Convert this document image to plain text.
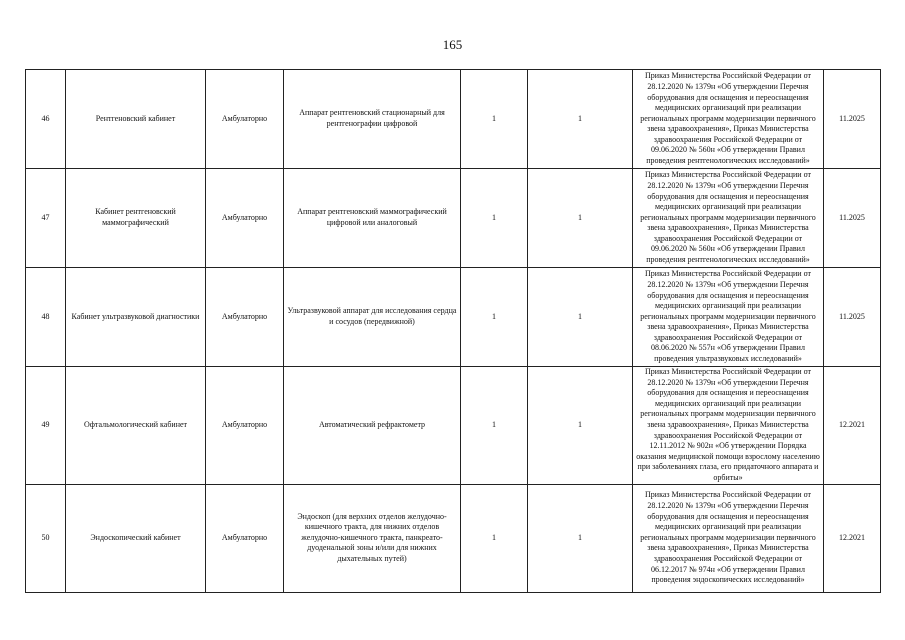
165
46	Рентгеновский кабинет	Амбулаторно	Аппарат рентгеновский стационарный для рентгенографии цифровой	1	1	Приказ Министерства Российской Федерации от 28.12.2020 № 1379н «Об утверждении Перечня оборудования для оснащения и переоснащения медицинских организаций при реализации региональных программ модернизации первичного звена здравоохранения», Приказ Министерства здравоохранения Российской Федерации от 09.06.2020 № 560н «Об утверждении Правил проведения рентгенологических исследований»	11.2025
47	Кабинет рентгеновский маммографический	Амбулаторно	Аппарат рентгеновский маммографический цифровой или аналоговый	1	1	Приказ Министерства Российской Федерации от 28.12.2020 № 1379н «Об утверждении Перечня оборудования для оснащения и переоснащения медицинских организаций при реализации региональных программ модернизации первичного звена здравоохранения», Приказ Министерства здравоохранения Российской Федерации от 09.06.2020 № 560н «Об утверждении Правил проведения рентгенологических исследований»	11.2025
48	Кабинет ультразвуковой диагностики	Амбулаторно	Ультразвуковой аппарат для исследования сердца и сосудов (передвижной)	1	1	Приказ Министерства Российской Федерации от 28.12.2020 № 1379н «Об утверждении Перечня оборудования для оснащения и переоснащения медицинских организаций при реализации региональных программ модернизации первичного звена здравоохранения», Приказ Министерства здравоохранения Российской Федерации от 08.06.2020 № 557н «Об утверждении Правил проведения ультразвуковых исследований»	11.2025
49	Офтальмологический кабинет	Амбулаторно	Автоматический рефрактометр	1	1	Приказ Министерства Российской Федерации от 28.12.2020 № 1379н «Об утверждении Перечня оборудования для оснащения и переоснащения медицинских организаций при реализации региональных программ модернизации первичного звена здравоохранения», Приказ Министерства здравоохранения Российской Федерации от 12.11.2012 № 902н «Об утверждении Порядка оказания медицинской помощи взрослому населению при заболеваниях глаза, его придаточного аппарата и орбиты»	12.2021
50	Эндоскопический кабинет	Амбулаторно	Эндоскоп (для верхних отделов желудочно-кишечного тракта, для нижних отделов желудочно-кишечного тракта, панкрeато-дуоденальной зоны и/или для нижних дыхательных путей)	1	1	Приказ Министерства Российской Федерации от 28.12.2020 № 1379н «Об утверждении Перечня оборудования для оснащения и переоснащения медицинских организаций при реализации региональных программ модернизации первичного звена здравоохранения», Приказ Министерства здравоохранения Российской Федерации от 06.12.2017 № 974н «Об утверждении Правил проведения эндоскопических исследований»	12.2021
